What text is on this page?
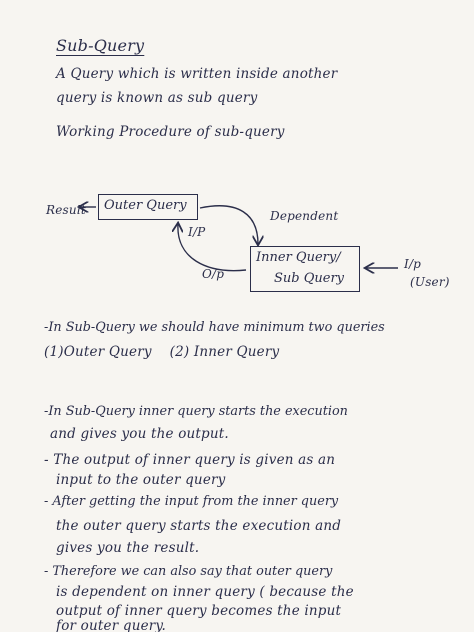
Sub-Query
A Query which is written inside another
query is known as sub query
Working Procedure of sub-query
Result Outer Query
I/P
Dependent
O/p
Inner Query/
Sub Query
I/p
(User)
-In Sub-Query we should have minimum two queries
(1)Outer Query    (2) Inner Query
-In Sub-Query inner query starts the execution
and gives you the output.
- The output of inner query is given as an
input to the outer query
- After getting the input from the inner query
the outer query starts the execution and
gives you the result.
- Therefore we can also say that outer query
is dependent on inner query ( because the
output of inner query becomes the input
for outer query.
